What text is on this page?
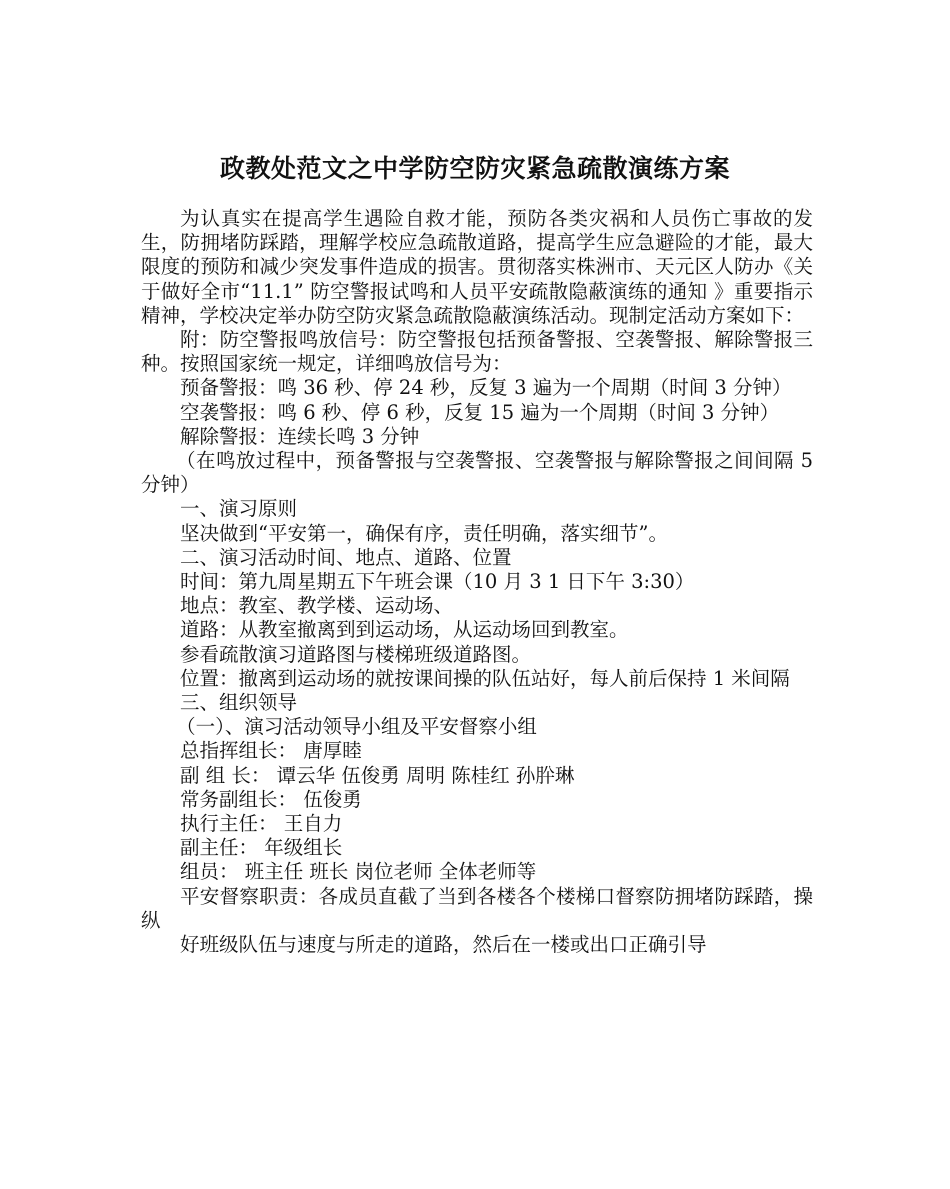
政教处范文之中学防空防灾紧急疏散演练方案

为认真实在提高学生遇险自救才能，预防各类灾祸和人员伤亡事故的发生，防拥堵防踩踏，理解学校应急疏散道路，提高学生应急避险的才能，最大限度的预防和减少突发事件造成的损害。贯彻落实株洲市、天元区人防办《关于做好全市“11.1” 防空警报试鸣和人员平安疏散隐蔽演练的通知 》重要指示精神，学校决定举办防空防灾紧急疏散隐蔽演练活动。现制定活动方案如下：

附：防空警报鸣放信号：防空警报包括预备警报、空袭警报、解除警报三种。按照国家统一规定，详细鸣放信号为：

预备警报：鸣 36 秒、停 24 秒，反复 3 遍为一个周期（时间 3 分钟）

空袭警报：鸣 6 秒、停 6 秒，反复 15 遍为一个周期（时间 3 分钟）

解除警报：连续长鸣 3 分钟

（在鸣放过程中，预备警报与空袭警报、空袭警报与解除警报之间间隔 5 分钟）

一、演习原则

坚决做到“平安第一，确保有序，责任明确，落实细节”。

二、演习活动时间、地点、道路、位置

时间：第九周星期五下午班会课（10 月 3 1 日下午 3:30）

地点：教室、教学楼、运动场、

道路：从教室撤离到到运动场，从运动场回到教室。

参看疏散演习道路图与楼梯班级道路图。

位置：撤离到运动场的就按课间操的队伍站好，每人前后保持 1 米间隔

三、组织领导

（一）、演习活动领导小组及平安督察小组

总指挥组长： 唐厚睦

副 组 长： 谭云华 伍俊勇 周明 陈桂红 孙肸琳

常务副组长： 伍俊勇

执行主任： 王自力

副主任： 年级组长

组员： 班主任 班长 岗位老师 全体老师等

平安督察职责：各成员直截了当到各楼各个楼梯口督察防拥堵防踩踏，操纵

好班级队伍与速度与所走的道路，然后在一楼或出口正确引导
